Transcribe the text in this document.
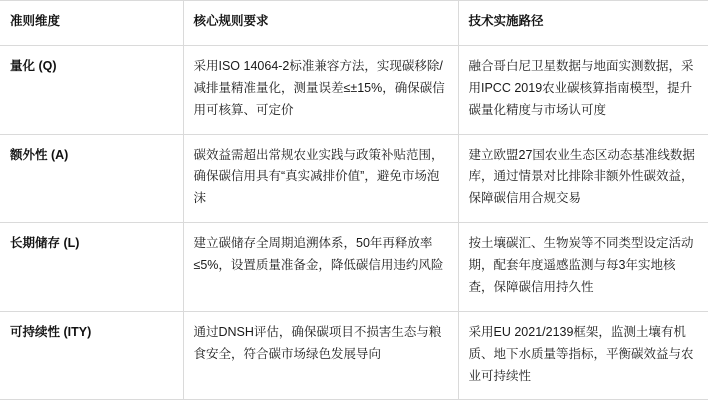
准则维度	核心规则要求	技术实施路径
量化 (Q)	采用ISO 14064-2标准兼容方法，实现碳移除/减排量精准量化，测量误差≤±15%，确保碳信用可核算、可定价	融合哥白尼卫星数据与地面实测数据，采用IPCC 2019农业碳核算指南模型，提升碳量化精度与市场认可度
额外性 (A)	碳效益需超出常规农业实践与政策补贴范围，确保碳信用具有“真实减排价值”，避免市场泡沫	建立欧盟27国农业生态区动态基准线数据库，通过情景对比排除非额外性碳效益，保障碳信用合规交易
长期储存 (L)	建立碳储存全周期追溯体系，50年再释放率≤5%，设置质量准备金，降低碳信用违约风险	按土壤碳汇、生物炭等不同类型设定活动期，配套年度遥感监测与每3年实地核查，保障碳信用持久性
可持续性 (ITY)	通过DNSH评估，确保碳项目不损害生态与粮食安全，符合碳市场绿色发展导向	采用EU 2021/2139框架，监测土壤有机质、地下水质量等指标，平衡碳效益与农业可持续性
